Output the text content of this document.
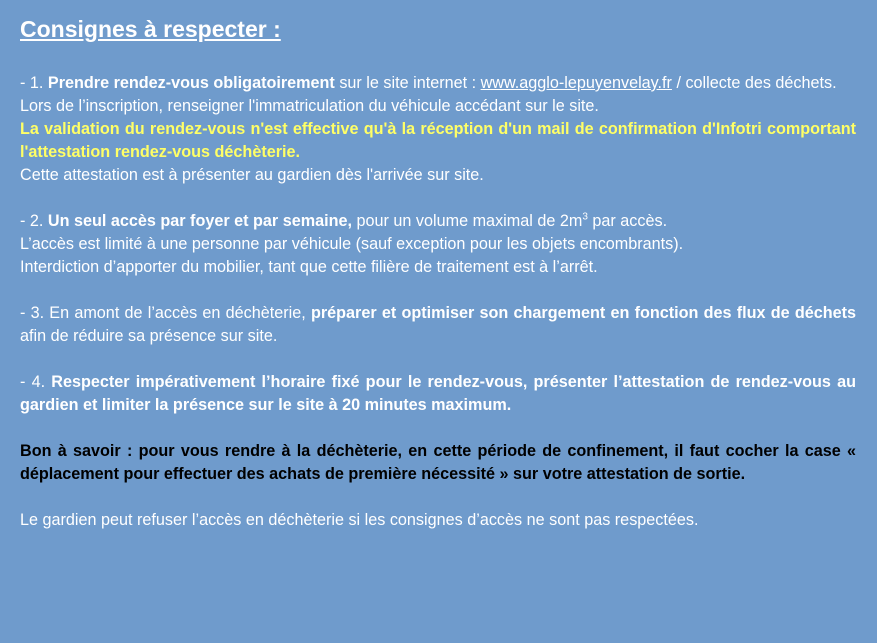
Consignes à respecter :

- 1. Prendre rendez-vous obligatoirement sur le site internet : www.agglo-lepuyenvelay.fr / collecte des déchets.

Lors de l’inscription, renseigner l'immatriculation du véhicule accédant sur le site.

La validation du rendez-vous n'est effective qu'à la réception d'un mail de confirmation d'Infotri comportant l'attestation rendez-vous déchèterie.

Cette attestation est à présenter au gardien dès l'arrivée sur site.

- 2. Un seul accès par foyer et par semaine, pour un volume maximal de $2m^3$ par accès.

L’accès est limité à une personne par véhicule (sauf exception pour les objets encombrants).

Interdiction d’apporter du mobilier, tant que cette filière de traitement est à l’arrêt.

- 3. En amont de l’accès en déchèterie, préparer et optimiser son chargement en fonction des flux de déchets afin de réduire sa présence sur site.

- 4. Respecter impérativement l’horaire fixé pour le rendez-vous, présenter l’attestation de rendez-vous au gardien et limiter la présence sur le site à 20 minutes maximum.

Bon à savoir : pour vous rendre à la déchèterie, en cette période de confinement, il faut cocher la case « déplacement pour effectuer des achats de première nécessité » sur votre attestation de sortie.

Le gardien peut refuser l’accès en déchèterie si les consignes d’accès ne sont pas respectées.
